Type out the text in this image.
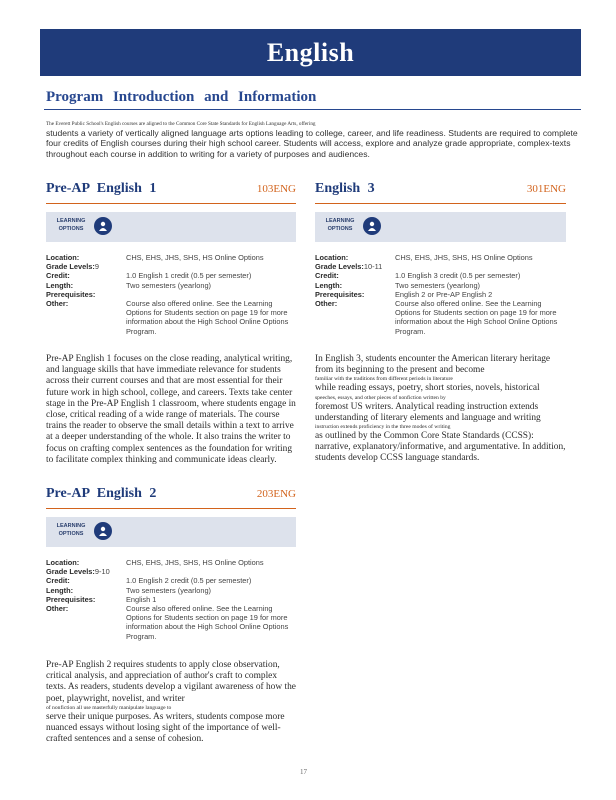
English
Program Introduction and Information
The Everett Public School's English courses are aligned to the Common Core State Standards for English Language Arts, offering
students a variety of vertically aligned language arts options leading to college, career, and life readiness. Students are required to complete four credits of English courses during their high school career. Students will access, explore and analyze grade appropriate, complex-texts throughout each course in addition to writing for a variety of purposes and audiences.
Pre-AP English 1	103ENG
LEARNING OPTIONS
Location:	CHS, EHS, JHS, SHS, HS Online Options
Grade Levels: 9
Credit:	1.0 English 1 credit (0.5 per semester)
Length:	Two semesters (yearlong)
Prerequisites:
Other:	Course also offered online. See the Learning Options for Students section on page 19 for more information about the High School Online Options Program.
Pre-AP English 1 focuses on the close reading, analytical writing, and language skills that have immediate relevance for students across their current courses and that are most essential for their future work in high school, college, and careers. Texts take center stage in the Pre-AP English 1 classroom, where students engage in close, critical reading of a wide range of materials. The course trains the reader to observe the small details within a text to arrive at a deeper understanding of the whole. It also trains the writer to focus on crafting complex sentences as the foundation for writing to facilitate complex thinking and communicate ideas clearly.
English 3	301ENG
LEARNING OPTIONS
Location:	CHS, EHS, JHS, SHS, HS Online Options
Grade Levels: 10-11
Credit:	1.0 English 3 credit (0.5 per semester)
Length:	Two semesters (yearlong)
Prerequisites:	English 2 or Pre-AP English 2
Other:	Course also offered online. See the Learning Options for Students section on page 19 for more information about the High School Online Options Program.
In English 3, students encounter the American literary heritage from its beginning to the present and become
familiar with the traditions from different periods in literature
while reading essays, poetry, short stories, novels, historical
speeches, essays, and other pieces of nonfiction written by
foremost US writers. Analytical reading instruction extends understanding of literary elements and language and writing
instruction extends proficiency in the three modes of writing
as outlined by the Common Core State Standards (CCSS): narrative, explanatory/informative, and argumentative. In addition, students develop CCSS language standards.
Pre-AP English 2	203ENG
LEARNING OPTIONS
Location:	CHS, EHS, JHS, SHS, HS Online Options
Grade Levels: 9-10
Credit:	1.0 English 2 credit (0.5 per semester)
Length:	Two semesters (yearlong)
Prerequisites:	English 1
Other:	Course also offered online. See the Learning Options for Students section on page 19 for more information about the High School Online Options Program.
Pre-AP English 2 requires students to apply close observation, critical analysis, and appreciation of author's craft to complex texts. As readers, students develop a vigilant awareness of how the poet, playwright, novelist, and writer
of nonfiction all use masterfully manipulate language to
serve their unique purposes. As writers, students compose more nuanced essays without losing sight of the importance of well-crafted sentences and a sense of cohesion.
17
